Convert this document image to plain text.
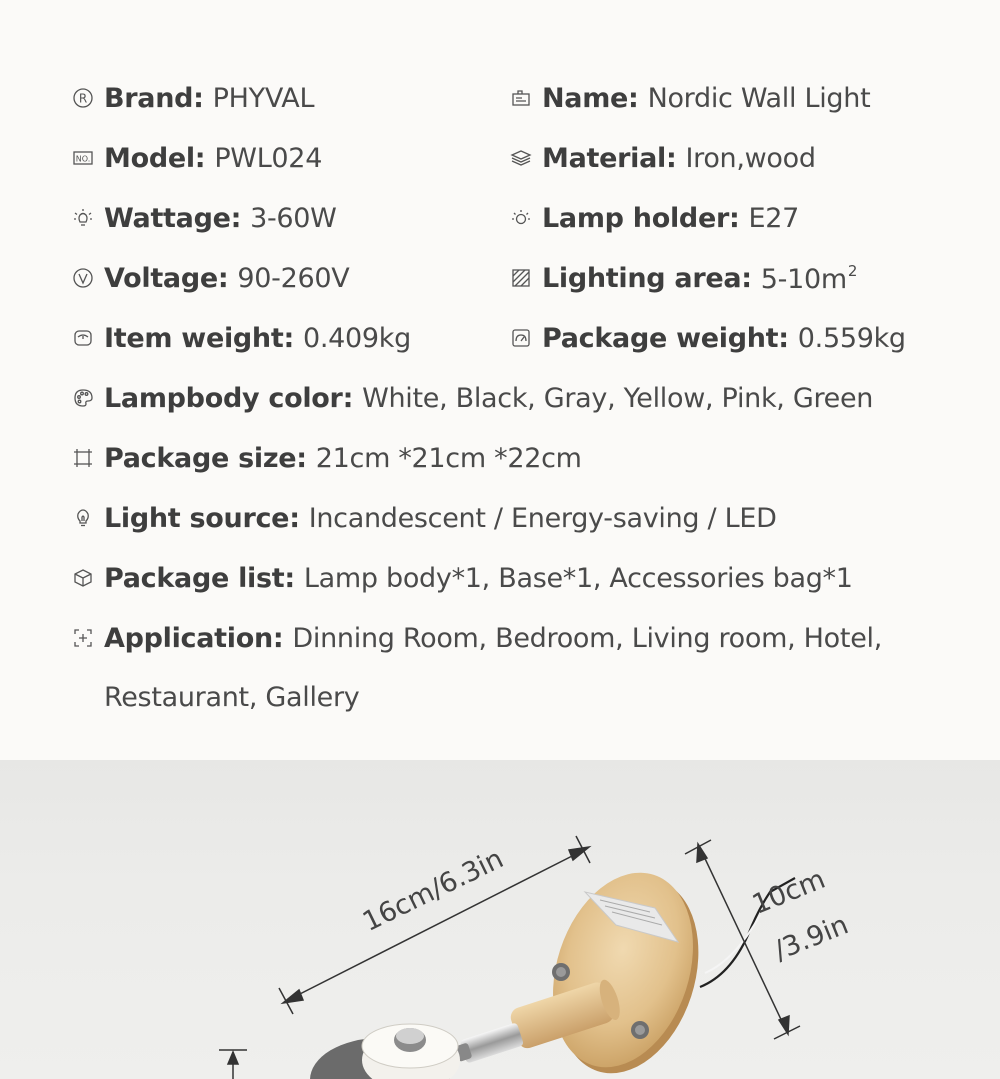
R Brand: PHYVAL
NO. Model: PWL024
Wattage: 3-60W
Voltage: 90-260V
Item weight: 0.409kg
Name: Nordic Wall Light
Material: Iron,wood
Lamp holder: E27
Lighting area: $5-10m^2$
Package weight: 0.559kg
Lampbody color: White, Black, Gray, Yellow, Pink, Green
Package size: 21cm *21cm *22cm
Light source: Incandescent / Energy-saving / LED
Package list: Lamp body*1, Base*1, Accessories bag*1
Application: Dinning Room, Bedroom, Living room, Hotel,
Restaurant, Gallery
16cm/6.3in	10cm
/3.9in
